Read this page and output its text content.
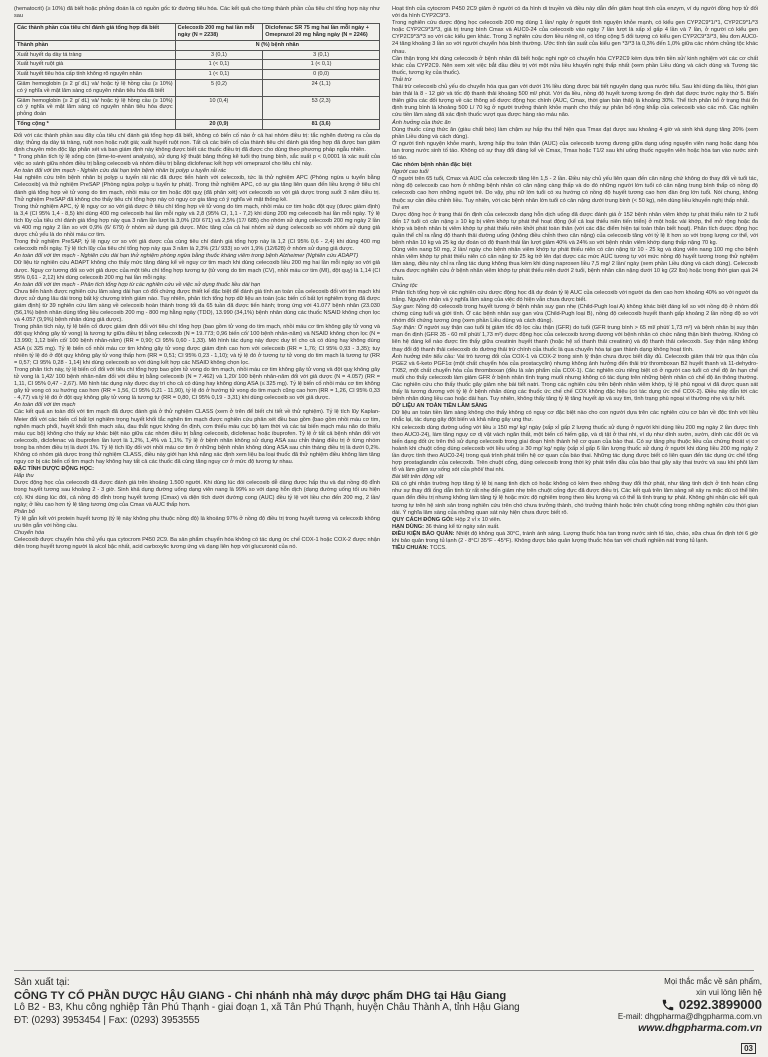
(hematocrit) (≥ 10%) đã biết hoặc phỏng đoán là có nguồn gốc từ đường tiêu hóa. Các kết quả cho từng thành phần của tiêu chí tổng hợp này như sau

Các thành phần của tiêu chí đánh giá tổng hợp đã biết	Celecoxib 200 mg hai lần mỗi ngày (N = 2238)	Diclofenac SR 75 mg hai lần mỗi ngày + Omeprazol 20 mg hằng ngày (N = 2246)
Thành phần	N (%) bệnh nhân	
Xuất huyết dạ dày tá tràng	3 (0,1)	3 (0,1)
Xuất huyết ruột già	1 (< 0,1)	1 (< 0,1)
Xuất huyết tiêu hóa cấp tính không rõ nguyên nhân	1 (< 0,1)	0 (0,0)
Giảm hemoglobin (≥ 2 g/ dL) và/ hoặc tỷ lệ hồng cầu (≥ 10%) có ý nghĩa về mặt lâm sàng có nguyên nhân tiêu hóa đã biết	5 (0,2)	24 (1,1)
Giảm hemoglobin (≥ 2 g/ dL) và/ hoặc tỷ lệ hồng cầu (≥ 10%) có ý nghĩa về mặt lâm sàng có nguyên nhân tiêu hóa được phỏng đoán	10 (0,4)	53 (2,3)
Tổng cộng *	20 (0,9)	81 (3,6)

Đối với các thành phần sau đây của tiêu chí đánh giá tổng hợp đã biết, không có biến cố nào ở cả hai nhóm điều trị: tắc nghẽn đường ra của dạ dày; thủng dạ dày tá tràng, ruột non hoặc ruột già; xuất huyết ruột non. Tất cả các biến cố của thành tiêu chí đánh giá tổng hợp đã được ban giám định chuyên môn độc lập phân xét và ban giám định này không được biết các thuốc điều trị đã được cho dùng theo phương pháp ngẫu nhiên.

* Trong phân tích tỷ lệ sống còn (time-to-event analysis), sử dụng kỹ thuật bảng thống kê tuổi thọ trung bình, sắc suất p < 0,0001 là xác suất của việc so sánh giữa nhóm điều trị bằng celecoxib và nhóm điều trị bằng diclofenac kết hợp với omeprazol cho tiêu chí này.

An toàn đối với tim mạch - Nghiên cứu dài hạn trên bệnh nhân bị polyp u tuyến rải rác

Hai nghiên cứu trên bệnh nhân bị polyp u tuyến rải rác đã được tiến hành với celecoxib, tức là thử nghiệm APC (Phòng ngừa u tuyến bằng Celecoxib) và thử nghiệm PreSAP (Phòng ngừa polyp u tuyến tự phát). Trong thử nghiệm APC, có sự gia tăng liên quan đến liều lượng ở tiêu chí đánh giá tổng hợp về tử vong do tim mạch, nhồi máu cơ tim hoặc đột quỵ (đã phân xét) với celecoxib so với giả dược trong suốt 3 năm điều trị. Thử nghiệm PreSAP đã không cho thấy tiêu chí tổng hợp này có nguy cơ gia tăng có ý nghĩa về mặt thống kê.

Trong thử nghiệm APC, tỷ lệ nguy cơ so với giả dược ở tiêu chí tổng hợp về tử vong do tim mạch, nhồi máu cơ tim hoặc đột quỵ (được giám định) là 3,4 (CI 95% 1,4 - 8,5) khi dùng 400 mg celecoxib hai lần mỗi ngày và 2,8 (95% CI, 1,1 - 7,2) khi dùng 200 mg celecoxib hai lần mỗi ngày. Tỷ lệ tích lũy của tiêu chí đánh giá tổng hợp này qua 3 năm lần lượt là 3,0% (20/ 671) và 2,5% (17/ 685) cho nhóm sử dụng celecoxib 200 mg ngày 2 lần và 400 mg ngày 2 lần so với 0,9% (6/ 679) ở nhóm sử dụng giả dược. Mức tăng của cả hai nhóm sử dụng celecoxib so với nhóm sử dụng giả dược chủ yếu là do nhồi máu cơ tim.

Trong thử nghiệm PreSAP, tỷ lệ nguy cơ so với giả dược của cùng tiêu chí đánh giá tổng hợp này là 1,2 (CI 95% 0,6 - 2,4) khi dùng 400 mg celecoxib mỗi ngày. Tỷ lệ tích lũy của tiêu chí tổng hợp này qua 3 năm là 2,3% (21/ 933) so với 1,9% (12/628) ở nhóm sử dụng giả dược.

An toàn đối với tim mạch - Nghiên cứu dài hạn thử nghiệm phòng ngừa bằng thuốc kháng viêm trong bệnh Alzheimer (Nghiên cứu ADAPT)

Dữ liệu từ nghiên cứu ADAPT không cho thấy mức tăng đáng kể về nguy cơ tim mạch khi dùng celecoxib liều 200 mg hai lần mỗi ngày so với giả dược. Nguy cơ tương đối so với giả dược của một tiêu chí tổng hợp tương tự (tử vong do tim mạch (CV), nhồi máu cơ tim (MI), đột quỵ) là 1,14 (CI 95% 0,61 - 2,12) khi dùng celecoxib 200 mg hai lần mỗi ngày.

An toàn đối với tim mạch - Phân tích tổng hợp từ các nghiên cứu về việc sử dụng thuốc liều dài hạn

Chưa tiến hành được nghiên cứu lâm sàng dài hạn có đối chứng được thiết kế đặc biệt để đánh giá tính an toàn của celecoxib đối với tim mạch khi được sử dụng lâu dài trong bất kỳ chương trình giám nào. Tuy nhiên, phân tích tổng hợp dữ liệu an toàn (các biến cố bất lợi nghiêm trọng đã được giám định) từ 39 nghiên cứu lâm sàng về celecoxib hoàn thành trong tối đa 65 tuần đã được tiến hành; trong ứng với 41.077 bệnh nhân (23.030 (56,1%) bệnh nhân dùng tổng liều celecoxib 200 mg - 800 mg hằng ngày (TDD), 13.990 (34,1%) bệnh nhân dùng các thuốc NSAID không chọn lọc và 4.057 (9,9%) bệnh nhân dùng giả dược).

Trong phân tích này, tỷ lệ biến cố được giám định đối với tiêu chí tổng hợp (bao gồm tử vong do tim mạch, nhồi máu cơ tim không gây tử vong và đột quỵ không gây tử vong) là tương tự giữa điều trị bằng celecoxib (N = 19.773; 0,96 biến cố/ 100 bệnh nhân-năm) và NSAID không chọn lọc (N = 13.990; 1,12 biến cố/ 100 bệnh nhân-năm) (RR = 0,90; CI 95% 0,60 - 1,33). Mô hình tác dụng này được duy trì cho cả có dùng hay không dùng ASA (≤ 325 mg). Tỷ lệ biến cố nhồi máu cơ tim không gây tử vong được giám định cao hơn với celecoxib (RR = 1,76; CI 95% 0,93 - 3,35); tuy nhiên tỷ lệ đó ở đột quỵ không gây tử vong thấp hơn (RR = 0,51; CI 95% 0,23 - 1,10); và tỷ lệ đó ở tương tự tử vong do tim mạch là tương tự (RR = 0,57; CI 95% 0,28 - 1,14) khi dùng celecoxib so với dùng kết hợp các NSAID không chọn lọc.

Trong phân tích này, tỷ lệ biến cố đối với tiêu chí tổng hợp bao gồm tử vong do tim mạch, nhồi máu cơ tim không gây tử vong và đột quỵ không gây tử vong là 1,42/ 100 bệnh nhân-năm đối với điều trị bằng celecoxib (N = 7.462) và 1,20/ 100 bệnh nhân-năm đối với giả dược (N = 4.057) (RR = 1,11, CI 95% 0,47 - 2,67). Mô hình tác dụng này được duy trì cho cả có dùng hay không dùng ASA (≤ 325 mg). Tỷ lệ biến cố nhồi máu cơ tim không gây tử vong có xu hướng cao hơn (RR = 1,56, CI 95% 0,21 - 11,90), tỷ lệ đó ở hướng tử vong do tim mạch cũng cao hơn (RR = 1,26, CI 95% 0,33 - 4,77) và tỷ lệ đó ở đột quỵ không gây tử vong là tương tự (RR = 0,80, CI 95% 0,19 - 3,31) khi dùng celecoxib so với giả dược.

An toàn đối với tim mạch

Các kết quả an toàn đối với tim mạch đã được đánh giá ở thử nghiệm CLASS (xem ở trên để biết chi tiết về thử nghiệm). Tỷ lệ tích lũy Kaplan-Meier đối với các biến cố bất lợi nghiêm trọng huyết khối tắc nghẽn tim mạch được nghiên cứu phân xét đều bao gồm (bao gồm nhồi máu cơ tim, nghẽn mạch phổi, huyết khối tĩnh mạch sâu, đau thắt ngực không ổn định, cơn thiếu máu cục bộ tạm thời và các tai biến mạch máu não do thiếu máu cục bộ) không cho thấy sự khác biệt nào giữa các nhóm điều trị bằng celecoxib, diclofenac hoặc ibuprofen. Tỷ lệ ở tất cả bệnh nhân đối với celecoxib, diclofenac và ibuprofen lần lượt là 1,2%, 1,4% và 1,1%. Tỷ lệ ở bệnh nhân không sử dụng ASA sau chỉn tháng điều trị ở từng nhóm trong ba nhóm điều trị là dưới 1%. Tỷ lệ tích lũy đối với nhồi máu cơ tim ở những bệnh nhân không dùng ASA sau chín tháng điều trị là dưới 0,2%. Không có nhóm giả dược trong thử nghiệm CLASS, điều này giới hạn khả năng xác định xem liệu ba loại thuốc đã thử nghiệm điều không làm tăng nguy cơ bị các biến cố tim mạch hay không hay tất cả các thuốc đã cùng tăng nguy cơ ở mức độ tương tự nhau.

ĐẶC TÍNH DƯỢC ĐỘNG HỌC:

Hấp thu

Dược động học của celecoxib đã được đánh giá trên khoảng 1.500 người. Khi dùng lúc đói celecoxib dễ dàng được hấp thu và đạt nồng độ đỉnh trong huyết tương sau khoảng 2 - 3 giờ. Sinh khả dụng đường uống dạng viên nang là 99% so với dạng hỗn dịch (dạng đường uống tối ưu hiện có). Khi dùng lúc đói, cả nồng độ đỉnh trong huyết tương (Cmax) và diện tích dưới đường cong (AUC) đều tỷ lệ với liều cho đến 200 mg, 2 lần/ ngày; ở liều cao hơn tỷ lệ tăng tương ứng của Cmax và AUC thấp hơn.

Phân bố

Tỷ lệ gắn kết với protein huyết tương (tỷ lệ này không phụ thuộc nồng độ) là khoảng 97% ở nồng độ điều trị trong huyết tương và celecoxib không ưu tiên gắn với hồng cầu.

Chuyển hóa

Celecoxib được chuyển hóa chủ yếu qua cytocrom P450 2C9. Ba sản phẩm chuyển hóa không có tác dụng ức chế COX-1 hoặc COX-2 được nhận diện trong huyết tương người là alcol bậc nhất, acid carboxylic tương ứng và dạng liên hợp với glucuronid của nó.

Hoạt tính của cytocrom P450 2C9 giảm ở người có đa hình di truyền và điều này dẫn đến giảm hoạt tính của enzym, ví dụ người đồng hợp tử đối với đa hình CYP2C9*3.

Trong nghiên cứu dược động học celecoxib 200 mg dùng 1 lần/ ngày ở người tình nguyện khỏe mạnh, có kiểu gen CYP2C9*1/*1, CYP2C9*1/*3 hoặc CYP2C9*3/*3, giá trị trung bình Cmax và AUC0-24 của celecoxib vào ngày 7 lần lượt là xấp xỉ gấp 4 lần và 7 lần, ở người có kiểu gen CYP2C9*3/*3 so với các kiểu gen khác. Trong 3 nghiên cứu đơn liều riêng rẽ, có tổng cộng 5 đối tượng có kiểu gen CYP2C9*3/*3, liều đơn AUC0-24 tăng khoảng 3 lần so với người chuyển hóa bình thường. Ước tính tần suất của kiểu gen *3/*3 là 0,3% đến 1,0% giữa các nhóm chủng tộc khác nhau.

Cần thận trọng khi dùng celecoxib ở bệnh nhân đã biết hoặc nghi ngờ có chuyển hóa CYP2C9 kém dựa trên tiền sử/ kinh nghiệm với các cơ chất khác của CYP2C9. Nên xem xét việc bắt đầu điều trị với một nửa liều khuyến nghị thấp nhất (xem phần Liều dùng và cách dùng và Tương tác thuốc, tương kỵ của thuốc).

Thải trừ

Thải trừ celecoxib chủ yếu do chuyển hóa qua gan với dưới 1% liều dùng được bài tiết nguyên dạng qua nước tiểu. Sau khi dùng đa liều, thời gian bán thải là 8 - 12 giờ và tốc độ thanh thải khoảng 500 ml/ phút. Với đa liều, nồng độ huyết tương tương ổn định đạt được trước ngày thứ 5. Biến thiên giữa các đối tượng về các thông số dược động học chính (AUC, Cmax, thời gian bán thải) là khoảng 30%. Thể tích phân bố ở trạng thái ổn định trung bình là khoảng 500 L/ 70 kg ở người trưởng thành khỏe mạnh cho thấy sự phân bố rộng khắp của celecoxib vào các mô. Các nghiên cứu tiền lâm sàng đã xác định thuốc vượt qua được hàng rào máu não.

Ảnh hưởng của thức ăn

Dùng thuốc cùng thức ăn (giàu chất béo) làm chậm sự hấp thu thể hiện qua Tmax đạt được sau khoảng 4 giờ và sinh khả dụng tăng 20% (xem phần Liều dùng và cách dùng).

Ở người tình nguyện khỏe mạnh, lượng hấp thu toàn thân (AUC) của celecoxib tương đương giữa dạng uống nguyên viên nang hoặc dạng hòa tan trong nước sinh tố táo. Không có sự thay đổi đáng kể về Cmax, Tmax hoặc T1/2 sau khi uống thuốc nguyên viên hoặc hòa tan vào nước sinh tố táo.

Các nhóm bệnh nhân đặc biệt

Người cao tuổi

Ở người trên 65 tuổi, Cmax và AUC của celecoxib tăng lên 1,5 - 2 lần. Điều này chủ yếu liên quan đến cân nặng chứ không do thay đổi về tuổi tác, nồng độ celecoxib cao hơn ở những bệnh nhân có cân nặng càng thấp và do đó những người lớn tuổi có cân nặng trung bình thấp có nồng độ celecoxib cao hơn những người trẻ. Do vậy, phụ nữ lớn tuổi có xu hướng có nồng độ huyết tương cao hơn đàn ông lớn tuổi. Nói chung, không thuộc sự cần điều chỉnh liều. Tuy nhiên, với các bệnh nhân lớn tuổi có cân nặng dưới trung bình (< 50 kg), nên dùng liều khuyến nghị thấp nhất.

Trẻ em

Dược động học ở trạng thái ổn định của celecoxib dạng hỗn dịch uống đã được đánh giá ở 152 bệnh nhân viêm khớp tự phát thiếu niên từ 2 tuổi đến 17 tuổi có cân nặng ≥ 10 kg bị viêm khớp tự phát thể hoạt động (kể cả loại thiếu niên tiến triển) ở một hoặc vài khớp, thể mở rộng hoặc đa khớp và bệnh nhân bị viêm khớp tự phát thiếu niên khởi phát toàn thân (với các đặc điểm hiện tại toàn thân biết hoạt). Phân tích dược động học quần thể chỉ ra rằng độ thanh thải đường uống (không điều chỉnh theo cân nặng) của celecoxib tăng với tỷ lệ ít hơn so với trọng lượng cơ thể, với bệnh nhân 10 kg và 25 kg dự đoán có độ thanh thải lần lượt giảm 40% và 24% so với bệnh nhân viêm khớp dạng thấp nặng 70 kg.

Dùng viên nang 50 mg, 2 lần/ ngày cho bệnh nhân viêm khớp tự phát thiếu niên có cân nặng từ 10 - 25 kg và dùng viên nang 100 mg cho bệnh nhân viêm khớp tự phát thiếu niên có cân nặng từ 25 kg trở lên đạt được các mức AUC tương tự với mức nồng độ huyết tương trong thử nghiệm lâm sàng, điều này chỉ ra rằng tác dụng không thua kém khi dùng naproxen liều 7,5 mg/ 2 lần/ ngày (xem phần Liều dùng và cách dùng). Celecoxib chưa được nghiên cứu ở bệnh nhân viêm khớp tự phát thiếu niên dưới 2 tuổi, bệnh nhân cân nặng dưới 10 kg (22 lbs) hoặc trong thời gian quá 24 tuần.

Chủng tộc

Phân tích tổng hợp về các nghiên cứu dược động học đã dự đoán tỷ lệ AUC của celecoxib với người da đen cao hơn khoảng 40% so với người da trắng. Nguyên nhân và ý nghĩa lâm sàng của việc đó hiện vẫn chưa được biết.

Suy gan: Nồng độ celecoxib trong huyết tương ở bệnh nhân suy gan nhẹ (Child-Pugh loại A) không khác biệt đáng kể so với nồng độ ở nhóm đối chứng cùng tuổi và giới tính. Ở các bệnh nhân suy gan vừa (Child-Pugh loại B), nồng độ celecoxib huyết thanh gấp khoảng 2 lần nồng độ so với nhóm đối chứng tương ứng (xem phần Liều dùng và cách dùng).

Suy thận: Ở người suy thận cao tuổi bị giảm tốc độ lọc cầu thận (GFR) do tuổi (GFR trung bình > 65 ml/ phút/ 1,73 m²) và bệnh nhân bị suy thận mạn ổn định (GFR 35 - 60 ml/ phút/ 1,73 m²) dược động học của celecoxib tương đương với bệnh nhân có chức năng thận bình thường. Không có liên hệ đáng kể nào được tìm thấy giữa creatinin huyết thanh (hoặc hệ số thanh thải creatinin) và độ thanh thải celecoxib. Suy thận nặng không thay đổi độ thanh thải celecoxib do đường thải trừ chính của thuốc là qua chuyển hóa tại gan thành dạng không hoạt tính.

Ảnh hưởng trên tiểu cầu: Vai trò tương đối của COX-1 và COX-2 trong sinh lý thận chưa được biết đầy đủ. Celecoxib giảm thải trừ qua thận của PGE2 và 6-keto PGF1α (một chất chuyển hóa của prostacyclin) nhưng không ảnh hưởng đến thải trừ thromboxan B2 huyết thanh và 11-dehydro-TXB2, một chất chuyển hóa của thromboxan (đều là sản phẩm của COX-1). Các nghiên cứu riêng biệt có ở người cao tuổi có chế độ ăn hạn chế muối cho thấy celecoxib làm giảm GFR ở bệnh nhân tình trạng muối nhưng không có tác dụng trên những bệnh nhân có chế độ ăn thông thường. Các nghiên cứu cho thấy thuốc gây giảm nhẹ bài tiết natri. Trong các nghiên cứu trên bệnh nhân viêm khớp, tỷ lệ phù ngoại vi đã được quan sát thấy là tương đương với tỷ lệ ở bệnh nhân dùng các thuốc ức chế chế COX không đặc hiệu (có tác dụng ức chế COX-2). Điều này dẫn tới các bệnh nhân dùng liều cao hoặc dài hạn. Tuy nhiên, không thấy tăng tỷ lệ tăng huyết áp và suy tim, tình trạng phù ngoại vi thường nhẹ và tự hết.

DỮ LIỆU AN TOÀN TIỀN LÂM SÀNG

Dữ liệu an toàn tiền lâm sàng không cho thấy không có nguy cơ đặc biệt nào cho con người dựa trên các nghiên cứu cơ bản về độc tính với liều nhắc lại, tác dụng gây đột biến và khả năng gây ung thư.

Khi celecoxib dùng đường uống với liều ≥ 150 mg/ kg/ ngày (xấp xỉ gấp 2 lượng thuốc sử dụng ở người khi dùng liều 200 mg ngày 2 lần được tính theo AUC0-24), làm tăng nguy cơ dị vật vách ngăn thất, một biến cố hiếm gặp, và dị tật ở thai nhi, ví dụ như dính sườn, sườn, dính các đốt ức và biến dạng đốt ức trên thỏ sử dụng celecoxib trong giai đoạn hình thành hệ cơ quan của bào thai. Có sự tăng phụ thuộc liều của chứng thoát vị cơ hoành khi chuột cống dùng celecoxib với liều uống ≥ 30 mg/ kg/ ngày (xấp xỉ gấp 6 lần lượng thuốc sử dụng ở người khi dùng liều 200 mg ngày 2 lần được tính theo AUC0-24) trong quá trình phát triển hệ cơ quan của bào thai. Những tác dụng được biết có liên quan đến tác dụng ức chế tổng hợp prostaglandin của celecoxib. Trên chuột cống, dùng celecoxib trong thời kỳ phát triển đầu của bào thai gây sảy thai trước và sau khi phôi làm tổ và làm giảm sự sống sót của phôi/ thai nhi.

Bài tiết trên động vật

Đã có ghi nhận trường hợp tăng tỷ lệ bị nang tinh dịch có hoặc không có kèm theo những thay đổi thứ phát, như tăng tinh dịch ở tinh hoàn cũng như sự thay đổi ống dẫn tinh từ rất nhẹ đến giảm nhẹ trên chuột cống đực đã được điều trị. Các kết quả trên lâm sàng sẽ xảy ra mặc dù có thể liên quan đến điều trị nhưng không làm tăng tỷ lệ hoặc mức độ nghiêm trọng theo liều lượng và có thể là tình trạng tự phát. Không ghi nhận các kết quả tương tự trên hệ sinh sản trong nghiên cứu trên chó chưa trưởng thành, chó trưởng thành hoặc trên chuột cống trong những nghiên cứu thời gian dài. Ý nghĩa lâm sàng của những quan sát này hiện chưa được biết rõ.

QUY CÁCH ĐÓNG GÓI: Hộp 2 vỉ x 10 viên.

HẠN DÙNG: 36 tháng kể từ ngày sản xuất.

ĐIỀU KIỆN BẢO QUẢN: Nhiệt độ không quá 30°C, tránh ánh sáng. Lượng thuốc hòa tan trong nước sinh tố táo, cháo, sữa chua ổn định tới 6 giờ khi bảo quản trong tủ lạnh (2 - 8°C/ 35°F - 45°F). Không được bảo quản lượng thuốc hòa tan với chuối nghiền nát trong tủ lạnh.

TIÊU CHUẨN: TCCS.

Sản xuất tại:
CÔNG TY CỔ PHẦN DƯỢC HẬU GIANG - Chi nhánh nhà máy dược phẩm DHG tại Hậu Giang
Lô B2 - B3, Khu công nghiệp Tân Phú Thạnh - giai đoạn 1, xã Tân Phú Thạnh, huyện Châu Thành A, tỉnh Hậu Giang
ĐT: (0293) 3953454 | Fax: (0293) 3953555
Mọi thắc mắc về sản phẩm,
xin vui lòng liên hệ
0292.3899000
E-mail: dhgpharma@dhgpharma.com.vn
www.dhgpharma.com.vn
03
